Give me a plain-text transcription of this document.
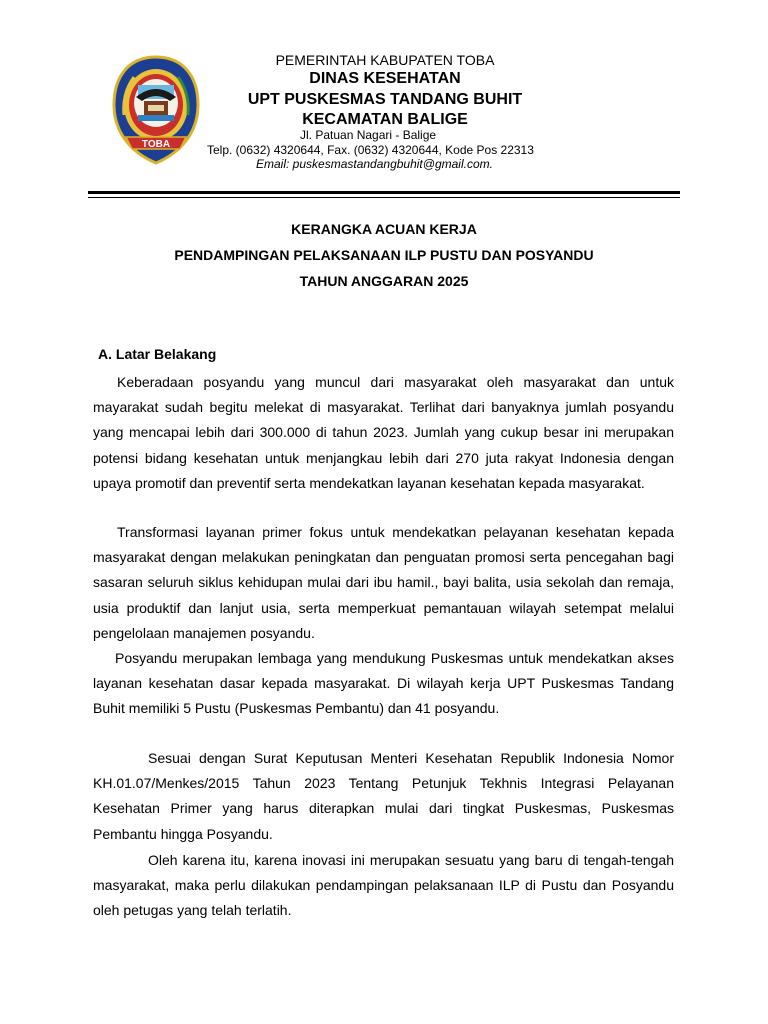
TOBA
PEMERINTAH KABUPATEN TOBA
DINAS KESEHATAN
UPT PUSKESMAS TANDANG BUHIT
KECAMATAN BALIGE
Jl. Patuan Nagari - Balige
Telp. (0632) 4320644, Fax. (0632) 4320644, Kode Pos 22313
Email: puskesmastandangbuhit@gmail.com.
KERANGKA ACUAN KERJA
PENDAMPINGAN PELAKSANAAN ILP PUSTU DAN POSYANDU
TAHUN ANGGARAN 2025
A. Latar Belakang

Keberadaan posyandu yang muncul dari masyarakat oleh masyarakat dan untuk mayarakat sudah begitu melekat di masyarakat. Terlihat dari banyaknya jumlah posyandu yang mencapai lebih dari 300.000 di tahun 2023. Jumlah yang cukup besar ini merupakan potensi bidang kesehatan untuk menjangkau lebih dari 270 juta rakyat Indonesia dengan upaya promotif dan preventif serta mendekatkan layanan kesehatan kepada masyarakat.

Transformasi layanan primer fokus untuk mendekatkan pelayanan kesehatan kepada masyarakat dengan melakukan peningkatan dan penguatan promosi serta pencegahan bagi sasaran seluruh siklus kehidupan mulai dari ibu hamil., bayi balita, usia sekolah dan remaja, usia produktif dan lanjut usia, serta memperkuat pemantauan wilayah setempat melalui pengelolaan manajemen posyandu.

Posyandu merupakan lembaga yang mendukung Puskesmas untuk mendekatkan akses layanan kesehatan dasar kepada masyarakat. Di wilayah kerja UPT Puskesmas Tandang Buhit memiliki 5 Pustu (Puskesmas Pembantu) dan 41 posyandu.

Sesuai dengan Surat Keputusan Menteri Kesehatan Republik Indonesia Nomor KH.01.07/Menkes/2015 Tahun 2023 Tentang Petunjuk Tekhnis Integrasi Pelayanan Kesehatan Primer yang harus diterapkan mulai dari tingkat Puskesmas, Puskesmas Pembantu hingga Posyandu.

Oleh karena itu, karena inovasi ini merupakan sesuatu yang baru di tengah-tengah masyarakat, maka perlu dilakukan pendampingan pelaksanaan ILP di Pustu dan Posyandu oleh petugas yang telah terlatih.
